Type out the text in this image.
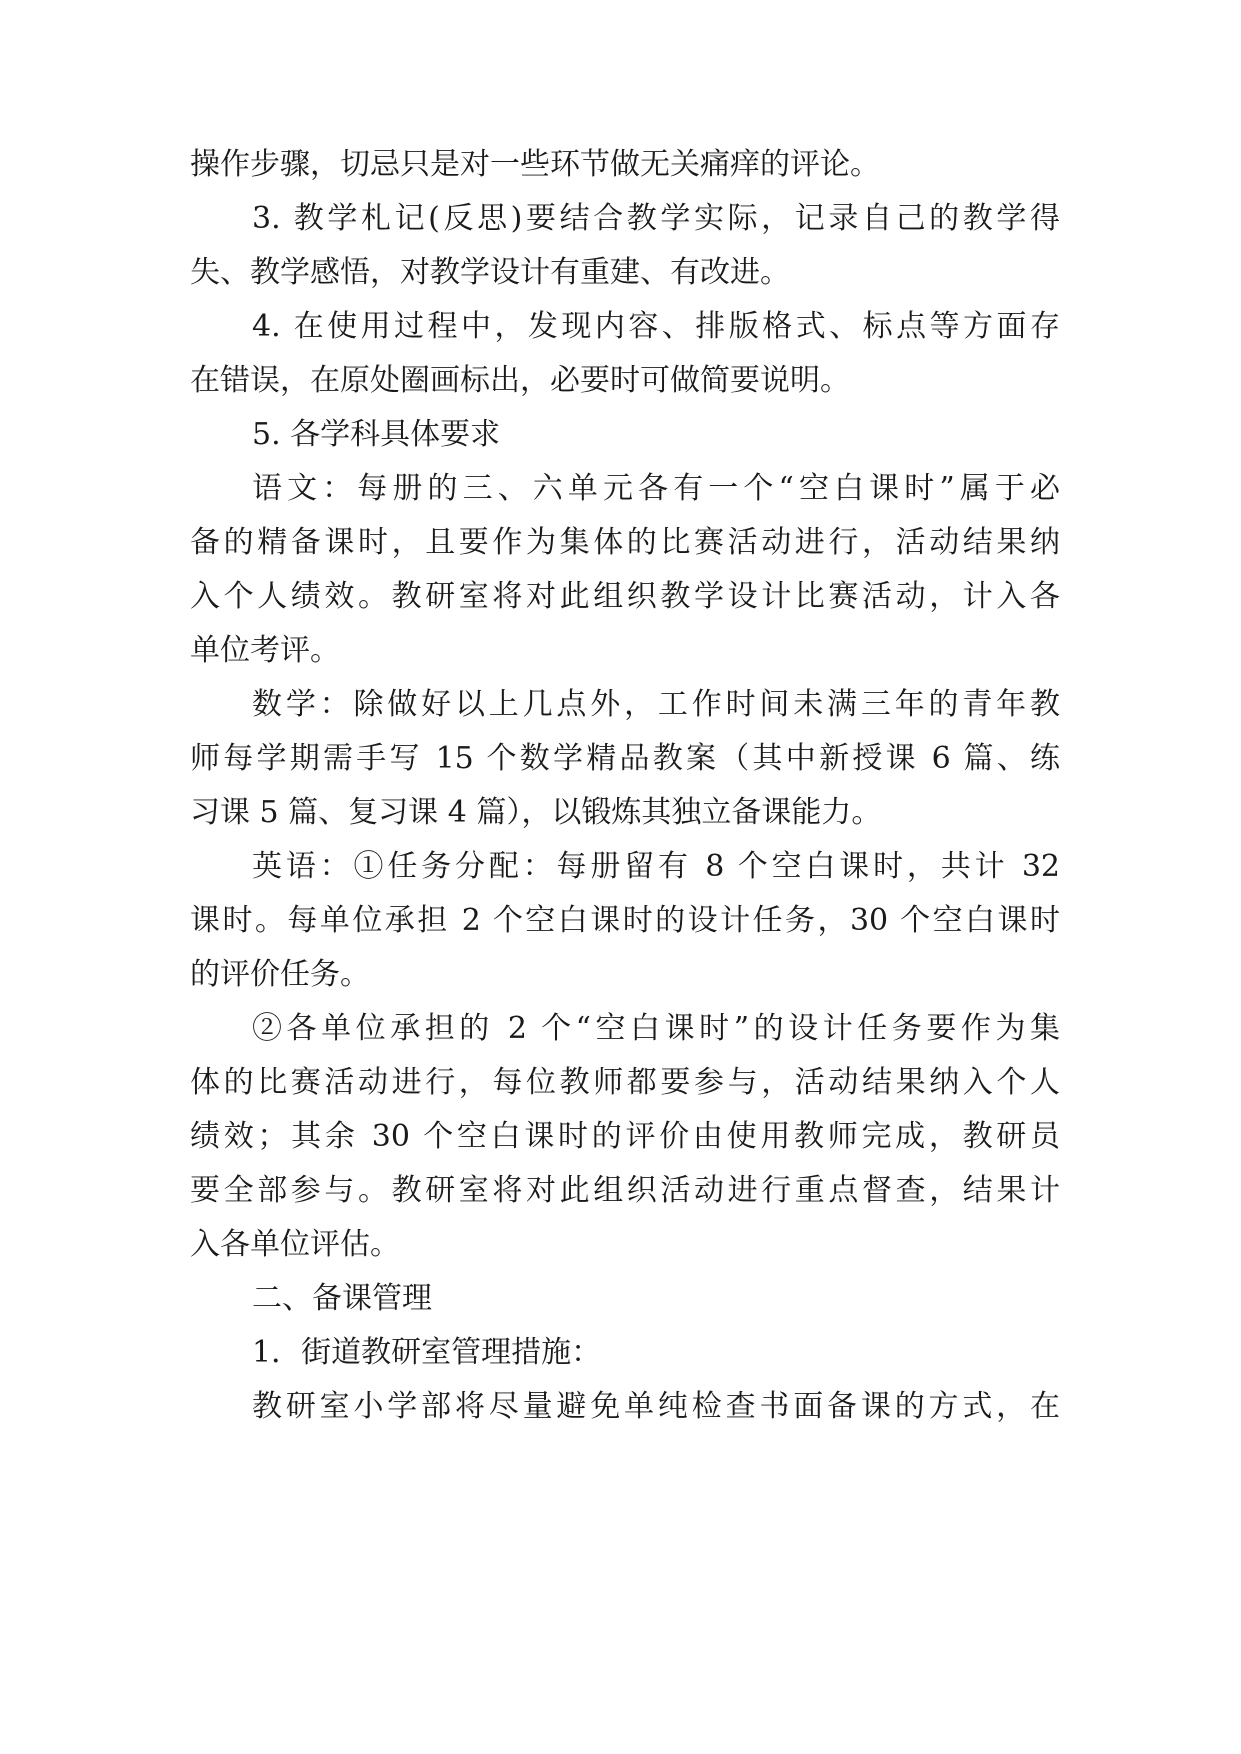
操作步骤，切忌只是对一些环节做无关痛痒的评论。

3. 教学札记(反思)要结合教学实际，记录自己的教学得

失、教学感悟，对教学设计有重建、有改进。

4. 在使用过程中，发现内容、排版格式、标点等方面存

在错误，在原处圈画标出，必要时可做简要说明。

5. 各学科具体要求

语文：每册的三、六单元各有一个“空白课时”属于必

备的精备课时，且要作为集体的比赛活动进行，活动结果纳

入个人绩效。教研室将对此组织教学设计比赛活动，计入各

单位考评。

数学：除做好以上几点外，工作时间未满三年的青年教

师每学期需手写 15 个数学精品教案（其中新授课 6 篇、练

习课 5 篇、复习课 4 篇），以锻炼其独立备课能力。

英语：①任务分配：每册留有 8 个空白课时，共计 32

课时。每单位承担 2 个空白课时的设计任务，30 个空白课时

的评价任务。

②各单位承担的 2 个“空白课时”的设计任务要作为集

体的比赛活动进行，每位教师都要参与，活动结果纳入个人

绩效；其余 30 个空白课时的评价由使用教师完成，教研员

要全部参与。教研室将对此组织活动进行重点督查，结果计

入各单位评估。

二、备课管理

1．街道教研室管理措施：

教研室小学部将尽量避免单纯检查书面备课的方式，在
